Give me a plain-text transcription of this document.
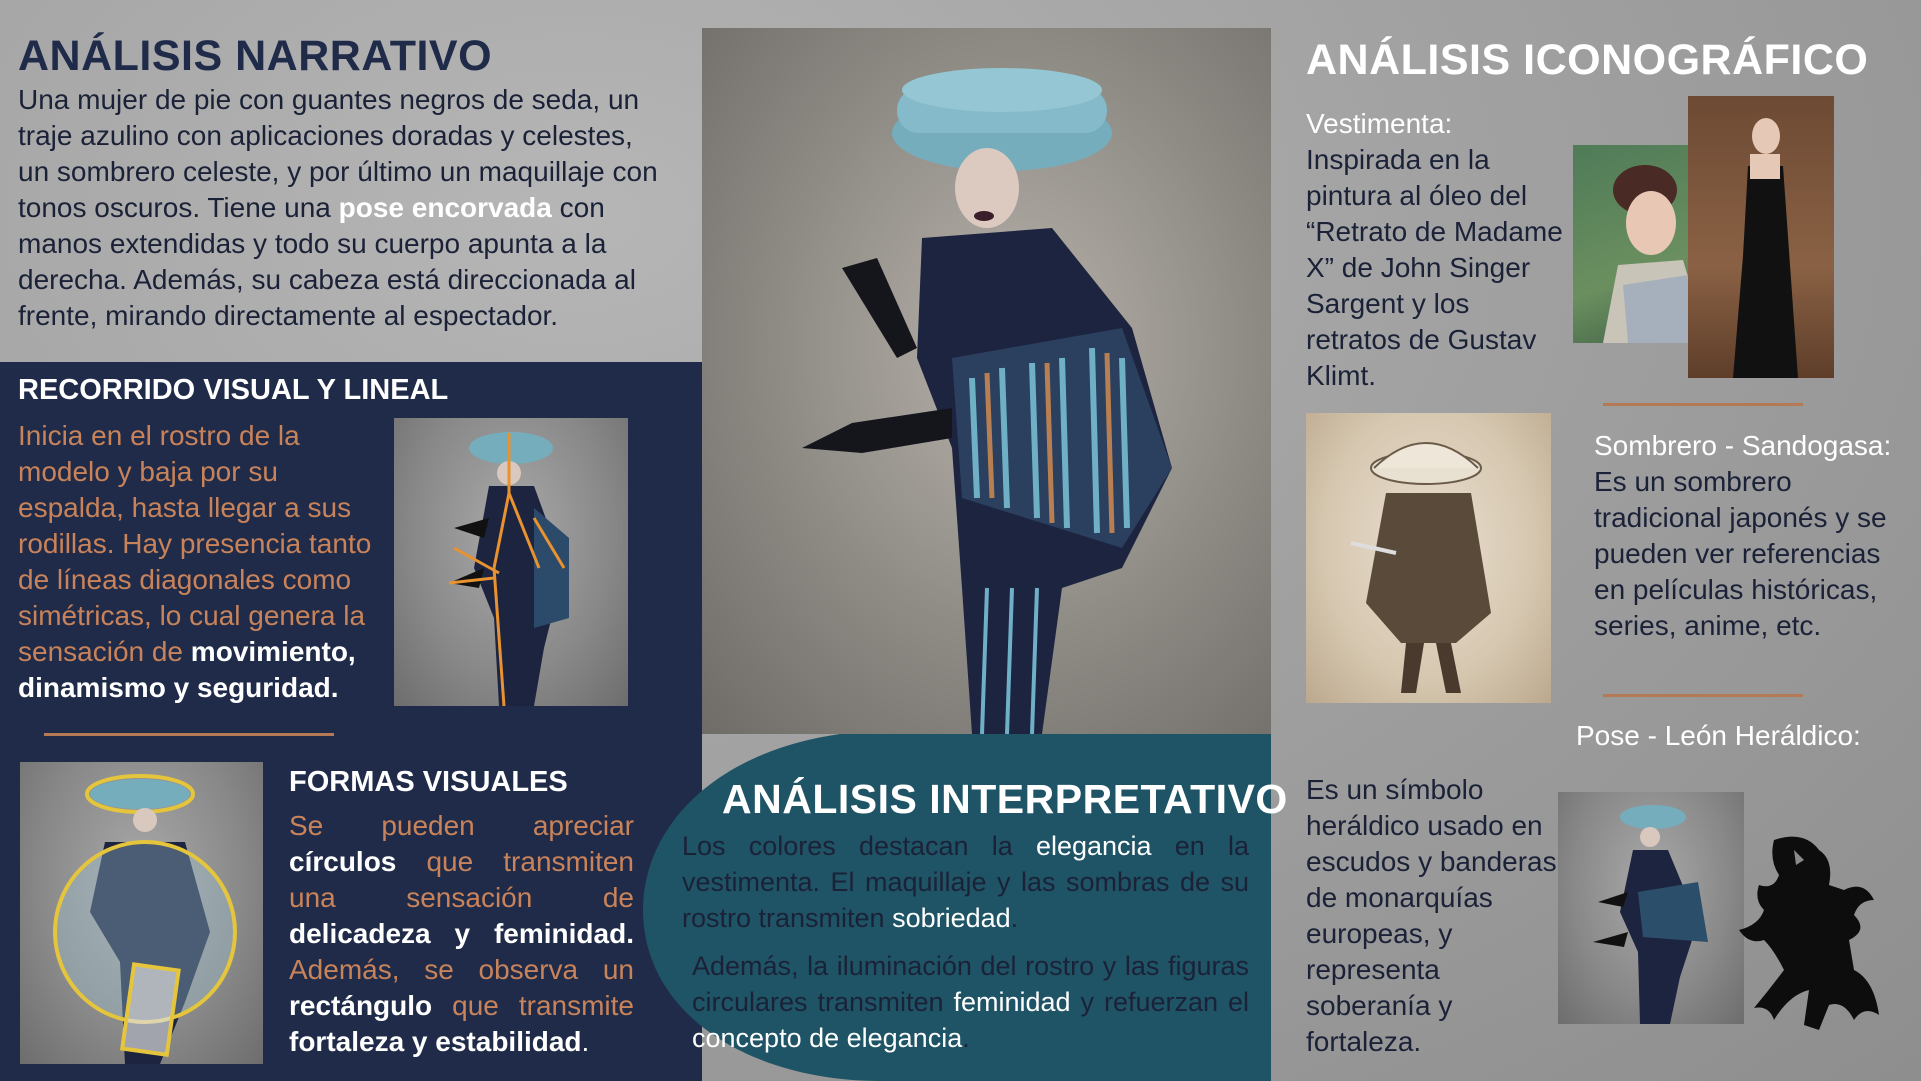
ANÁLISIS NARRATIVO
Una mujer de pie con guantes negros de seda, un traje azulino con aplicaciones doradas y celestes, un sombrero celeste, y por último un maquillaje con tonos oscuros. Tiene una pose encorvada con manos extendidas y todo su cuerpo apunta a la derecha. Además, su cabeza está direccionada al frente, mirando directamente al espectador.
RECORRIDO VISUAL Y LINEAL
Inicia en el rostro de la modelo y baja por su espalda, hasta llegar a sus rodillas. Hay presencia tanto de líneas diagonales como simétricas, lo cual genera la sensación de movimiento, dinamismo y seguridad.
FORMAS VISUALES
Se pueden apreciar círculos que transmiten una sensación de delicadeza y feminidad. Además, se observa un rectángulo que transmite fortaleza y estabilidad.
ANÁLISIS INTERPRETATIVO
Los colores destacan la elegancia en la vestimenta. El maquillaje y las sombras de su rostro transmiten sobriedad.
Además, la iluminación del rostro y las figuras circulares transmiten feminidad y refuerzan el concepto de elegancia.
ANÁLISIS ICONOGRÁFICO
Vestimenta:
Inspirada en la pintura al óleo del “Retrato de Madame X” de John Singer Sargent y los retratos de Gustav Klimt.
Sombrero - Sandogasa:
Es un sombrero tradicional japonés y se pueden ver referencias en películas históricas, series, anime, etc.
Pose - León Heráldico:
Es un símbolo heráldico usado en escudos y banderas de monarquías europeas, y representa soberanía y fortaleza.
